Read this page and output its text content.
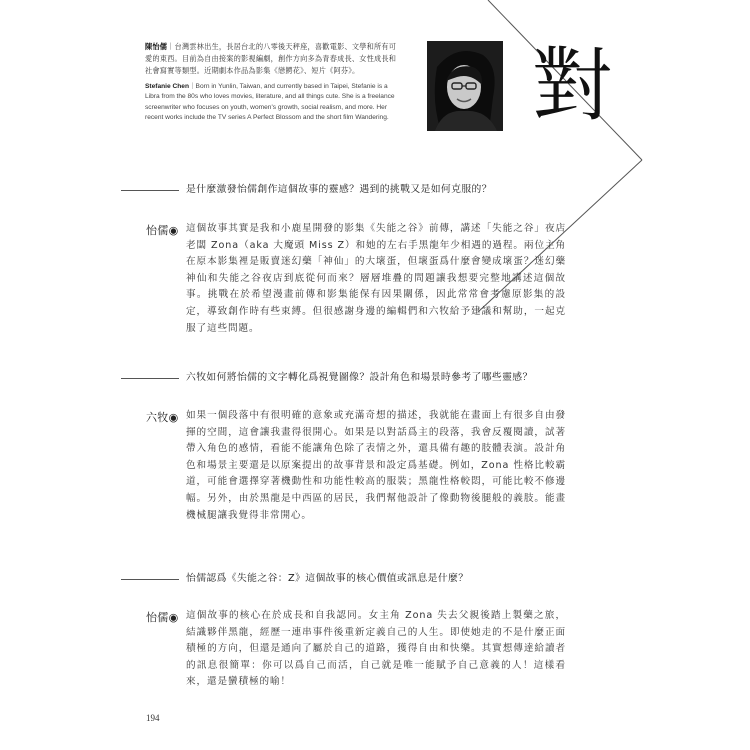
陳怡儒｜台灣雲林出生，長居台北的八零後天秤座，喜歡電影、文學和所有可愛的東西。目前為自由接案的影視編劇，創作方向多為青春成長、女性成長和社會寫實等類型。近期劇本作品為影集《戀鰐花》、短片《阿芬》。
Stefanie Chen｜Born in Yunlin, Taiwan, and currently based in Taipei, Stefanie is a Libra from the 80s who loves movies, literature, and all things cute. She is a freelance screenwriter who focuses on youth, women's growth, social realism, and more. Her recent works include the TV series A Perfect Blossom and the short film Wandering. 對
是什麼激發怡儒創作這個故事的靈感？遇到的挑戰又是如何克服的？
怡儒◉ 這個故事其實是我和小鹿星開發的影集《失能之谷》前傳，講述「失能之谷」夜店老闆 Zona（aka 大魔頭 Miss Z）和她的左右手黑龍年少相遇的過程。兩位主角在原本影集裡是販賣迷幻藥「神仙」的大壞蛋，但壞蛋爲什麼會變成壞蛋？迷幻藥神仙和失能之谷夜店到底從何而來？層層堆疊的問題讓我想要完整地講述這個故事。挑戰在於希望漫畫前傳和影集能保有因果關係，因此常常會考慮原影集的設定，導致創作時有些束縛。但很感謝身邊的編輯們和六牧給予建議和幫助，一起克服了這些問題。
六牧如何將怡儒的文字轉化爲視覺圖像？設計角色和場景時參考了哪些靈感？
六牧◉ 如果一個段落中有很明確的意象或充滿奇想的描述，我就能在畫面上有很多自由發揮的空間，這會讓我畫得很開心。如果是以對話爲主的段落，我會反覆閱讀，試著帶入角色的感情，看能不能讓角色除了表情之外，還具備有趣的肢體表演。設計角色和場景主要還是以原案提出的故事背景和設定爲基礎。例如，Zona 性格比較霸道，可能會選擇穿著機動性和功能性較高的服裝；黑龍性格較悶，可能比較不修邊幅。另外，由於黑龍是中西區的居民，我們幫他設計了像動物後腿般的義肢。能畫機械腿讓我覺得非常開心。
怡儒認爲《失能之谷：Z》這個故事的核心價值或訊息是什麼？
怡儒◉ 這個故事的核心在於成長和自我認同。女主角 Zona 失去父親後踏上製藥之旅，結識夥伴黑龍，經歷一連串事件後重新定義自己的人生。即使她走的不是什麼正面積極的方向，但還是通向了屬於自己的道路，獲得自由和快樂。其實想傳達給讀者的訊息很簡單：你可以爲自己而活，自己就是唯一能賦予自己意義的人！這樣看來，還是蠻積極的喻！
194
